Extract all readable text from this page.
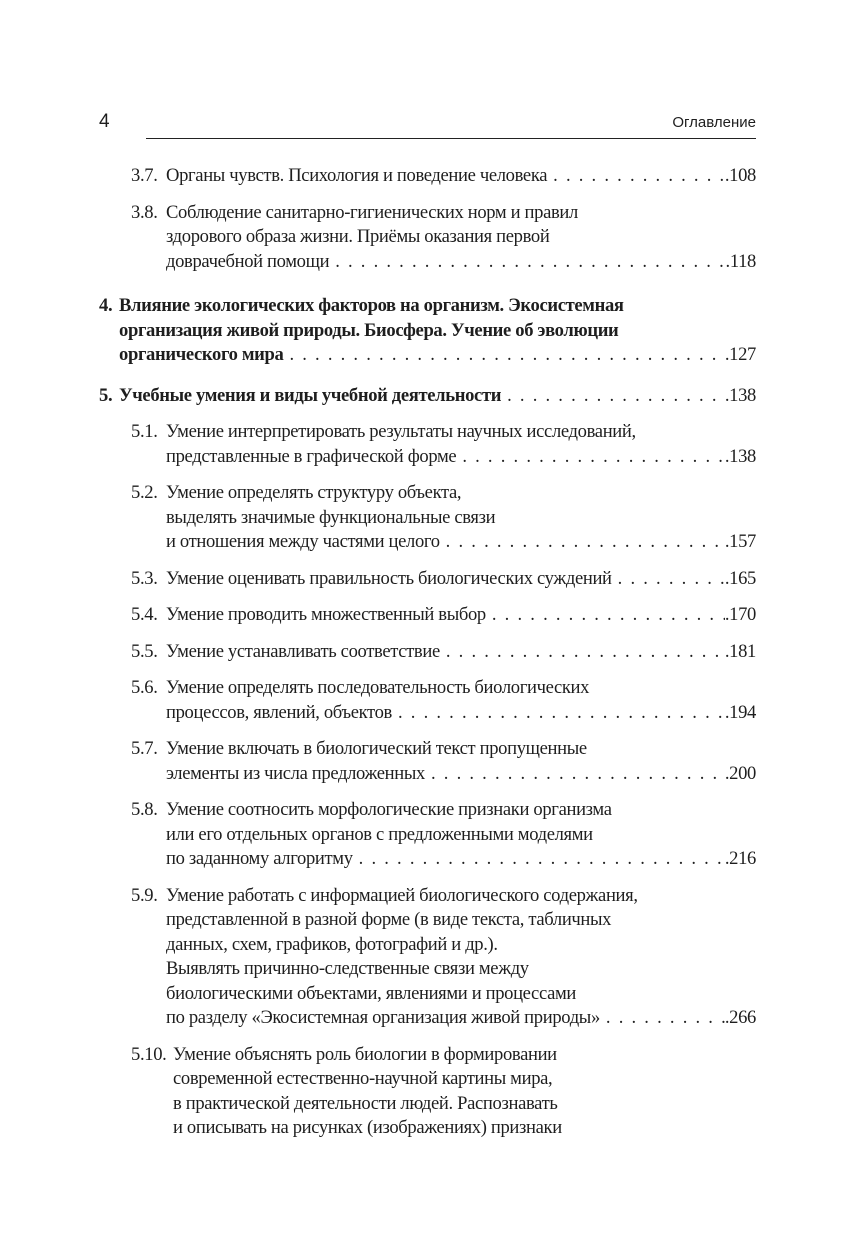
4	Оглавление
3.7. Органы чувств. Психология и поведение человека . . .	.108
3.8. Соблюдение санитарно-гигиенических норм и правил
здорового образа жизни. Приёмы оказания первой
доврачебной помощи . . .	.118
4. Влияние экологических факторов на организм. Экосистемная
организация живой природы. Биосфера. Учение об эволюции
органического мира . . .	.127
5. Учебные умения и виды учебной деятельности . . .	.138
5.1. Умение интерпретировать результаты научных исследований,
представленные в графической форме . . .	.138
5.2. Умение определять структуру объекта,
выделять значимые функциональные связи
и отношения между частями целого . . .	.157
5.3. Умение оценивать правильность биологических суждений . . .	.165
5.4. Умение проводить множественный выбор . . .	.170
5.5. Умение устанавливать соответствие . . .	.181
5.6. Умение определять последовательность биологических
процессов, явлений, объектов . . .	.194
5.7. Умение включать в биологический текст пропущенные
элементы из числа предложенных . . .	.200
5.8. Умение соотносить морфологические признаки организма
или его отдельных органов с предложенными моделями
по заданному алгоритму . . .	.216
5.9. Умение работать с информацией биологического содержания,
представленной в разной форме (в виде текста, табличных
данных, схем, графиков, фотографий и др.).
Выявлять причинно-следственные связи между
биологическими объектами, явлениями и процессами
по разделу «Экосистемная организация живой природы» . . .	.266
5.10. Умение объяснять роль биологии в формировании
современной естественно-научной картины мира,
в практической деятельности людей. Распознавать
и описывать на рисунках (изображениях) признаки
